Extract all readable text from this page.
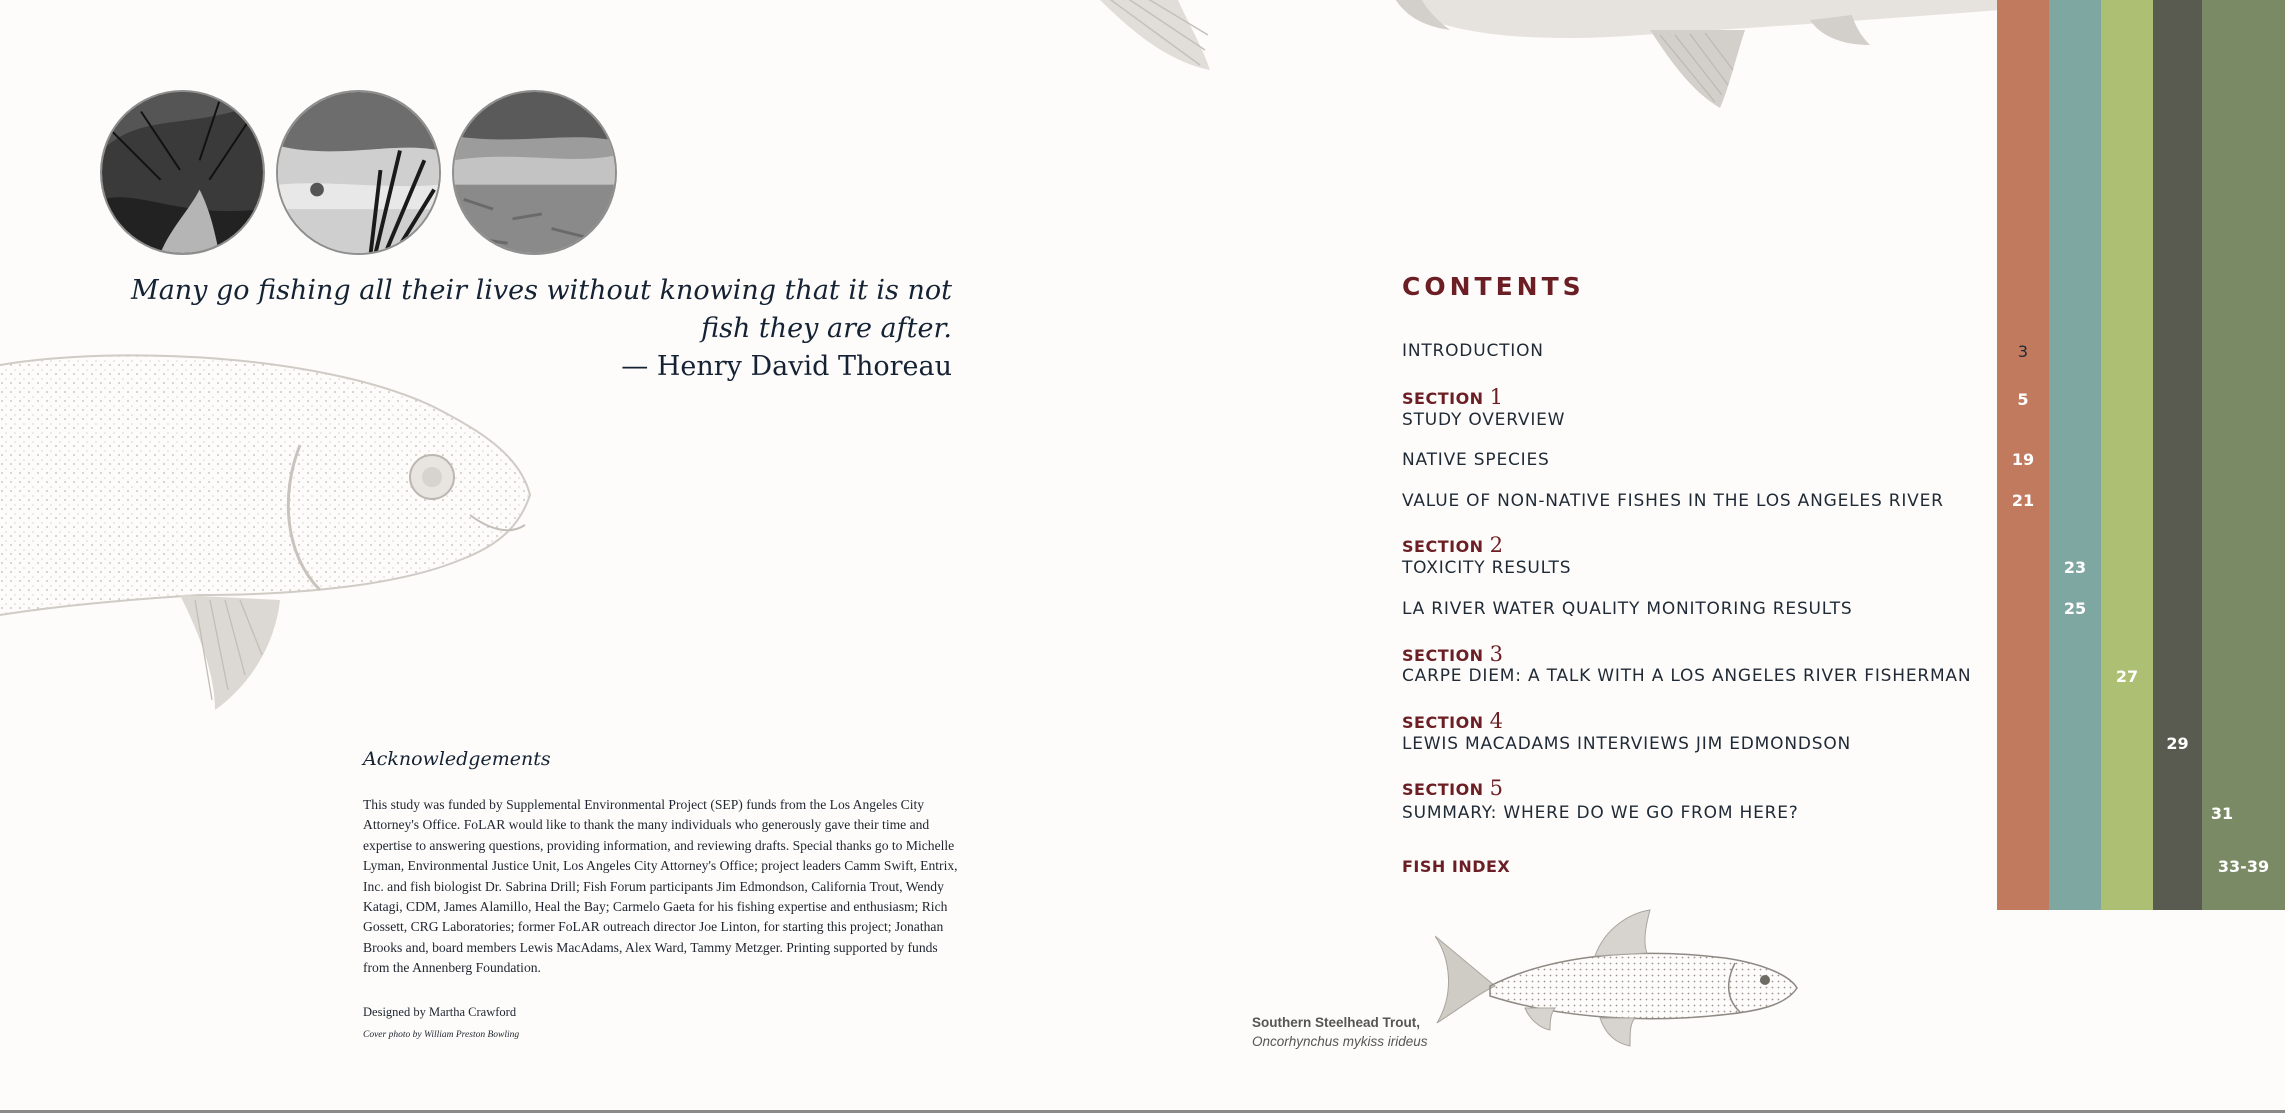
Many go fishing all their lives without knowing that it is not fish they are after.
— Henry David Thoreau
Acknowledgements
This study was funded by Supplemental Environmental Project (SEP) funds from the Los Angeles City Attorney's Office. FoLAR would like to thank the many individuals who generously gave their time and expertise to answering questions, providing information, and reviewing drafts. Special thanks go to Michelle Lyman, Environmental Justice Unit, Los Angeles City Attorney's Office; project leaders Camm Swift, Entrix, Inc. and fish biologist Dr. Sabrina Drill; Fish Forum participants Jim Edmondson, California Trout, Wendy Katagi, CDM, James Alamillo, Heal the Bay; Carmelo Gaeta for his fishing expertise and enthusiasm; Rich Gossett, CRG Laboratories; former FoLAR outreach director Joe Linton, for starting this project; Jonathan Brooks and, board members Lewis MacAdams, Alex Ward, Tammy Metzger. Printing supported by funds from the Annenberg Foundation.
Designed by Martha Crawford
Cover photo by William Preston Bowling
Southern Steelhead Trout,
Oncorhynchus mykiss irideus
CONTENTS
INTRODUCTION
SECTION 1
STUDY OVERVIEW
NATIVE SPECIES
VALUE OF NON-NATIVE FISHES IN THE LOS ANGELES RIVER
SECTION 2
TOXICITY RESULTS
LA RIVER WATER QUALITY MONITORING RESULTS
SECTION 3
CARPE DIEM: A TALK WITH A LOS ANGELES RIVER FISHERMAN
SECTION 4
LEWIS MACADAMS INTERVIEWS JIM EDMONDSON
SECTION 5
SUMMARY: WHERE DO WE GO FROM HERE?
FISH INDEX
3
5
19
21
23
25
27
29
31
33-39
